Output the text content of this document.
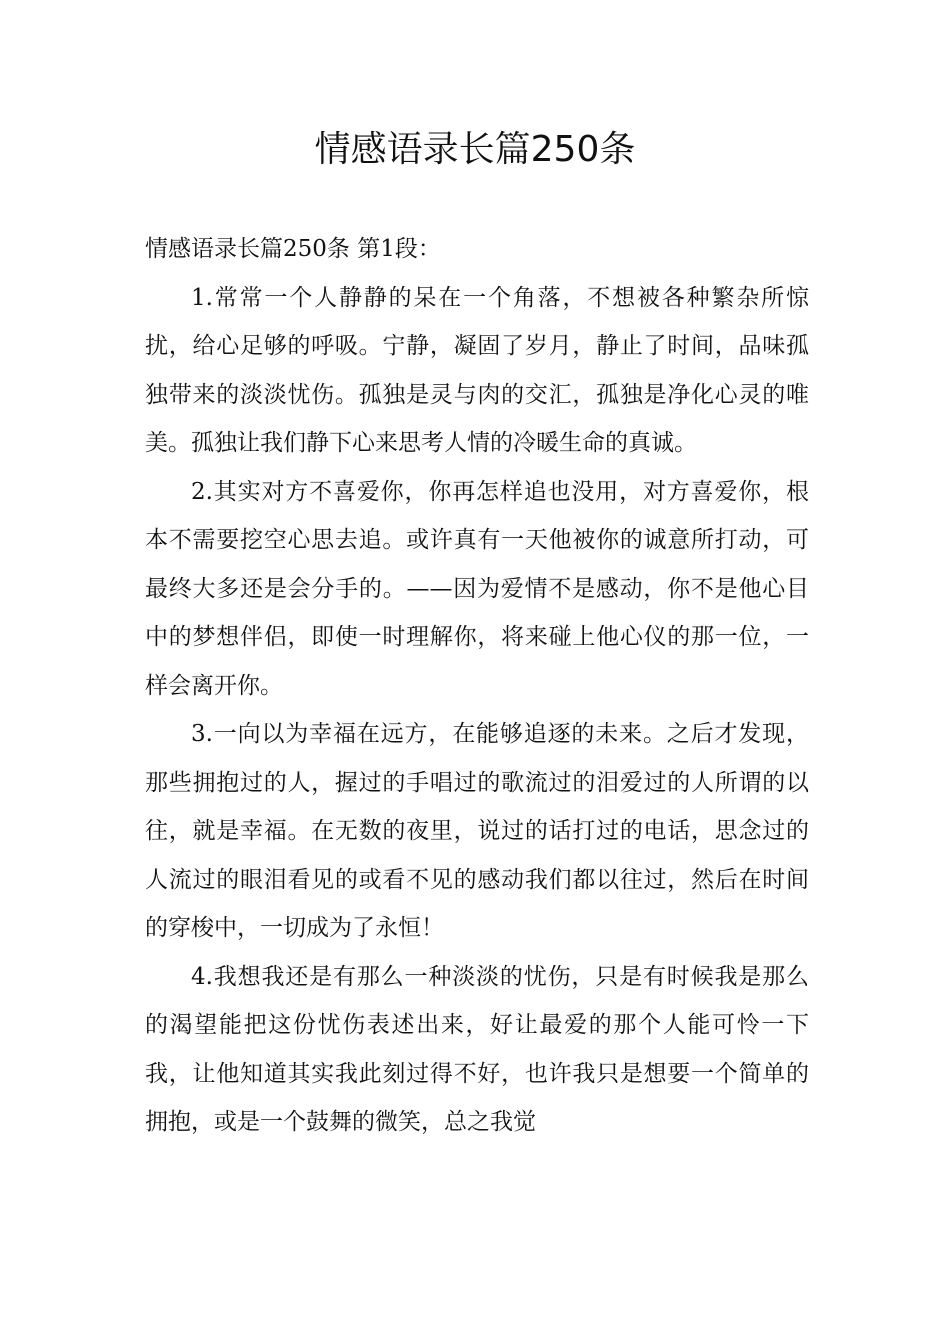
情感语录长篇250条

情感语录长篇250条 第1段：

1.常常一个人静静的呆在一个角落，不想被各种繁杂所惊扰，给心足够的呼吸。宁静，凝固了岁月，静止了时间，品味孤独带来的淡淡忧伤。孤独是灵与肉的交汇，孤独是净化心灵的唯美。孤独让我们静下心来思考人情的冷暖生命的真诚。

2.其实对方不喜爱你，你再怎样追也没用，对方喜爱你，根本不需要挖空心思去追。或许真有一天他被你的诚意所打动，可最终大多还是会分手的。——因为爱情不是感动，你不是他心目中的梦想伴侣，即使一时理解你，将来碰上他心仪的那一位，一样会离开你。

3.一向以为幸福在远方，在能够追逐的未来。之后才发现，那些拥抱过的人，握过的手唱过的歌流过的泪爱过的人所谓的以往，就是幸福。在无数的夜里，说过的话打过的电话，思念过的人流过的眼泪看见的或看不见的感动我们都以往过，然后在时间的穿梭中，一切成为了永恒！

4.我想我还是有那么一种淡淡的忧伤，只是有时候我是那么的渴望能把这份忧伤表述出来，好让最爱的那个人能可怜一下我，让他知道其实我此刻过得不好，也许我只是想要一个简单的拥抱，或是一个鼓舞的微笑，总之我觉
